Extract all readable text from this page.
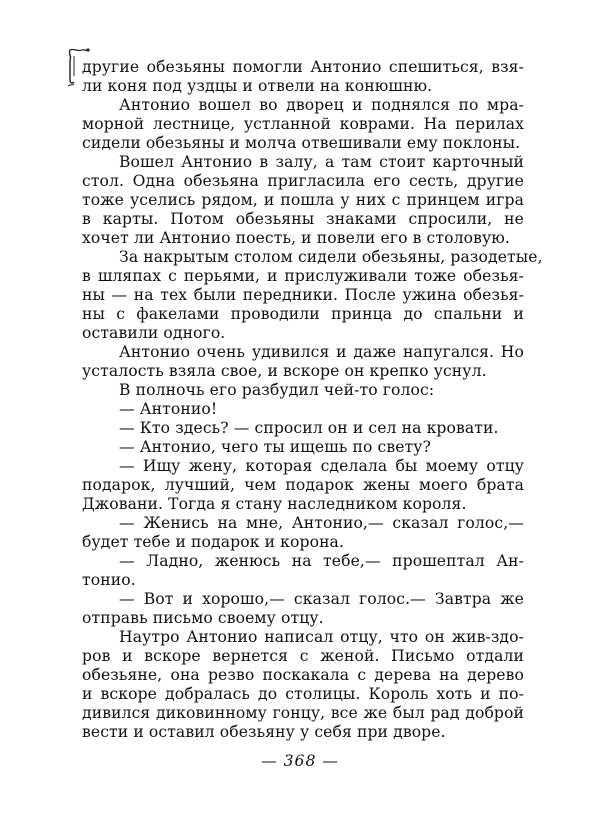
другие обезьяны помогли Антонио спешиться, взя-
ли коня под уздцы и отвели на конюшню.
Антонио вошел во дворец и поднялся по мра-
морной лестнице, устланной коврами. На перилах
сидели обезьяны и молча отвешивали ему поклоны.
Вошел Антонио в залу, а там стоит карточный
стол. Одна обезьяна пригласила его сесть, другие
тоже уселись рядом, и пошла у них с принцем игра
в карты. Потом обезьяны знаками спросили, не
хочет ли Антонио поесть, и повели его в столовую.
За накрытым столом сидели обезьяны, разодетые,
в шляпах с перьями, и прислуживали тоже обезья-
ны — на тех были передники. После ужина обезья-
ны с факелами проводили принца до спальни и
оставили одного.
Антонио очень удивился и даже напугался. Но
усталость взяла свое, и вскоре он крепко уснул.
В полночь его разбудил чей-то голос:
— Антонио!
— Кто здесь? — спросил он и сел на кровати.
— Антонио, чего ты ищешь по свету?
— Ищу жену, которая сделала бы моему отцу
подарок, лучший, чем подарок жены моего брата
Джовани. Тогда я стану наследником короля.
— Женись на мне, Антонио,— сказал голос,—
будет тебе и подарок и корона.
— Ладно, женюсь на тебе,— прошептал Ан-
тонио.
— Вот и хорошо,— сказал голос.— Завтра же
отправь письмо своему отцу.
Наутро Антонио написал отцу, что он жив-здо-
ров и вскоре вернется с женой. Письмо отдали
обезьяне, она резво поскакала с дерева на дерево
и вскоре добралась до столицы. Король хоть и по-
дивился диковинному гонцу, все же был рад доброй
вести и оставил обезьяну у себя при дворе.
— 368 —
